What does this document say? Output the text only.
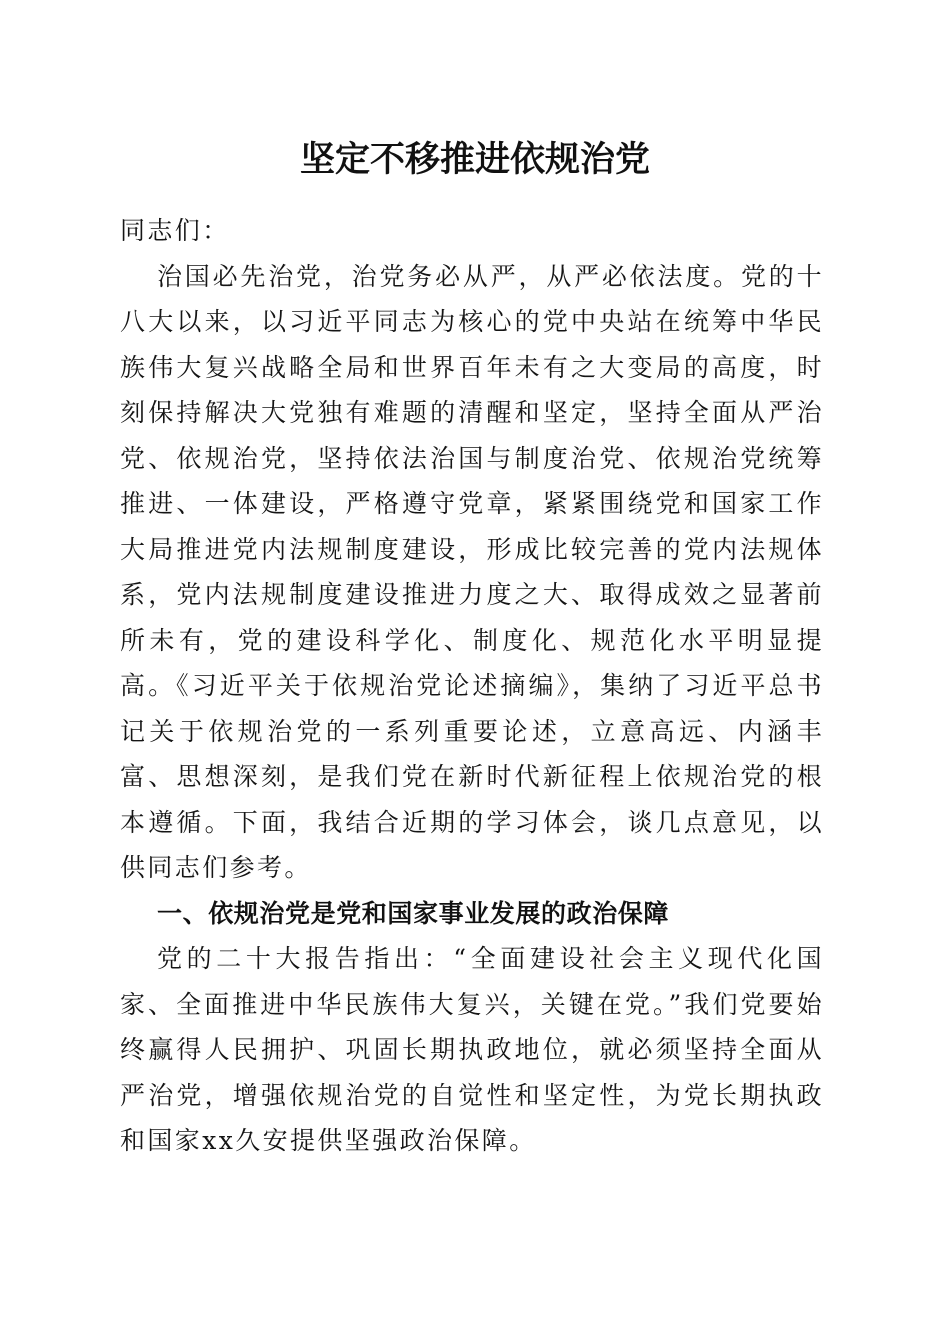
坚定不移推进依规治党

同志们：

治国必先治党，治党务必从严，从严必依法度。党的十八大以来，以习近平同志为核心的党中央站在统筹中华民族伟大复兴战略全局和世界百年未有之大变局的高度，时刻保持解决大党独有难题的清醒和坚定，坚持全面从严治党、依规治党，坚持依法治国与制度治党、依规治党统筹推进、一体建设，严格遵守党章，紧紧围绕党和国家工作大局推进党内法规制度建设，形成比较完善的党内法规体系，党内法规制度建设推进力度之大、取得成效之显著前所未有，党的建设科学化、制度化、规范化水平明显提高。《习近平关于依规治党论述摘编》，集纳了习近平总书记关于依规治党的一系列重要论述，立意高远、内涵丰富、思想深刻，是我们党在新时代新征程上依规治党的根本遵循。下面，我结合近期的学习体会，谈几点意见，以供同志们参考。

一、依规治党是党和国家事业发展的政治保障

党的二十大报告指出：“全面建设社会主义现代化国家、全面推进中华民族伟大复兴，关键在党。”我们党要始终赢得人民拥护、巩固长期执政地位，就必须坚持全面从严治党，增强依规治党的自觉性和坚定性，为党长期执政和国家xx久安提供坚强政治保障。
